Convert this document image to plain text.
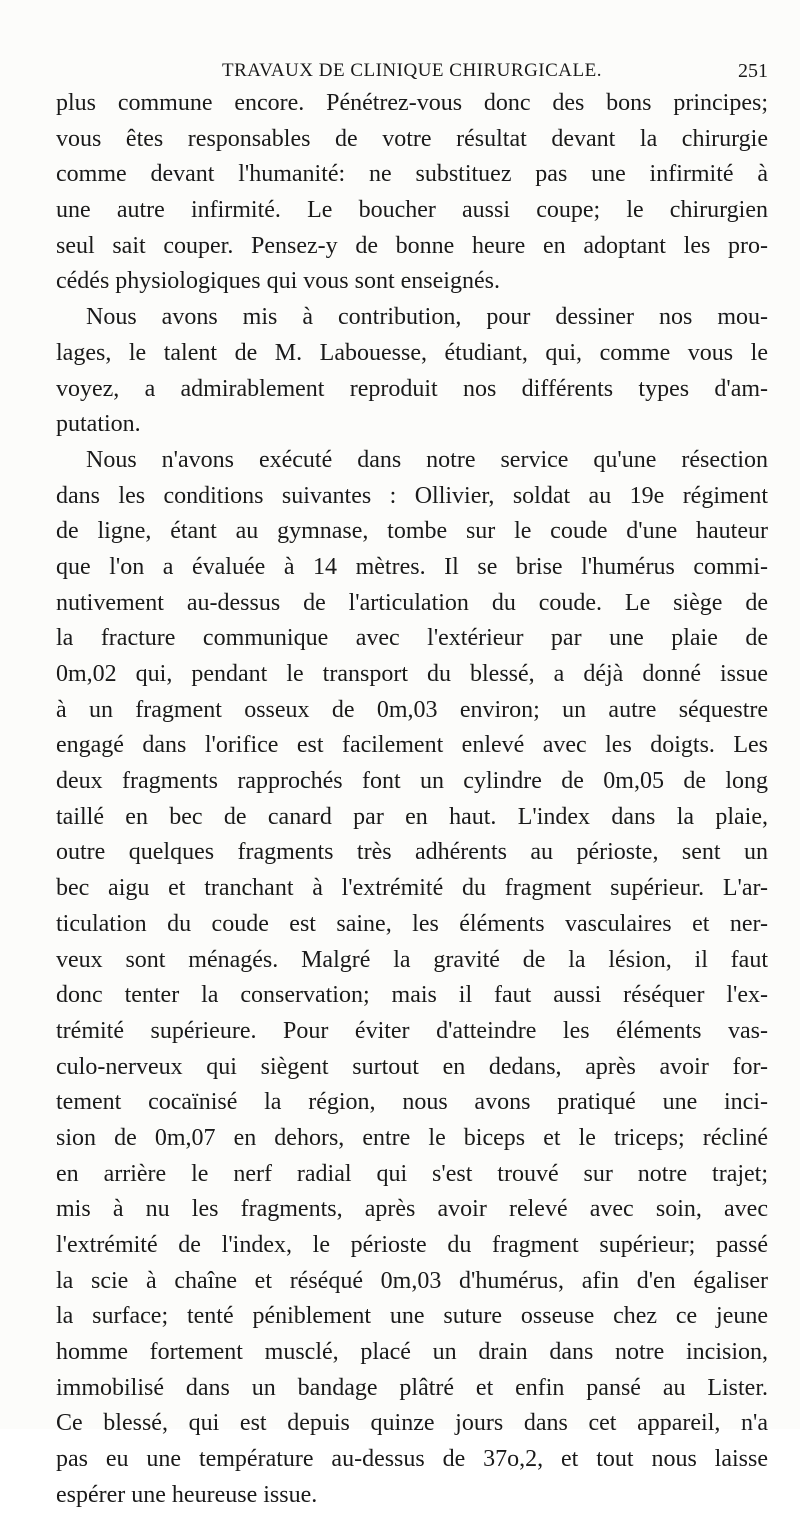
TRAVAUX DE CLINIQUE CHIRURGICALE.	251
plus commune encore. Pénétrez-vous donc des bons principes;
vous êtes responsables de votre résultat devant la chirurgie
comme devant l'humanité: ne substituez pas une infirmité à
une autre infirmité. Le boucher aussi coupe; le chirurgien
seul sait couper. Pensez-y de bonne heure en adoptant les pro-
cédés physiologiques qui vous sont enseignés.
Nous avons mis à contribution, pour dessiner nos mou-
lages, le talent de M. Labouesse, étudiant, qui, comme vous le
voyez, a admirablement reproduit nos différents types d'am-
putation.
Nous n'avons exécuté dans notre service qu'une résection
dans les conditions suivantes : Ollivier, soldat au 19e régiment
de ligne, étant au gymnase, tombe sur le coude d'une hauteur
que l'on a évaluée à 14 mètres. Il se brise l'humérus commi-
nutivement au-dessus de l'articulation du coude. Le siège de
la fracture communique avec l'extérieur par une plaie de
0m,02 qui, pendant le transport du blessé, a déjà donné issue
à un fragment osseux de 0m,03 environ; un autre séquestre
engagé dans l'orifice est facilement enlevé avec les doigts. Les
deux fragments rapprochés font un cylindre de 0m,05 de long
taillé en bec de canard par en haut. L'index dans la plaie,
outre quelques fragments très adhérents au périoste, sent un
bec aigu et tranchant à l'extrémité du fragment supérieur. L'ar-
ticulation du coude est saine, les éléments vasculaires et ner-
veux sont ménagés. Malgré la gravité de la lésion, il faut
donc tenter la conservation; mais il faut aussi réséquer l'ex-
trémité supérieure. Pour éviter d'atteindre les éléments vas-
culo-nerveux qui siègent surtout en dedans, après avoir for-
tement cocaïnisé la région, nous avons pratiqué une inci-
sion de 0m,07 en dehors, entre le biceps et le triceps; récliné
en arrière le nerf radial qui s'est trouvé sur notre trajet;
mis à nu les fragments, après avoir relevé avec soin, avec
l'extrémité de l'index, le périoste du fragment supérieur; passé
la scie à chaîne et réséqué 0m,03 d'humérus, afin d'en égaliser
la surface; tenté péniblement une suture osseuse chez ce jeune
homme fortement musclé, placé un drain dans notre incision,
immobilisé dans un bandage plâtré et enfin pansé au Lister.
Ce blessé, qui est depuis quinze jours dans cet appareil, n'a
pas eu une température au-dessus de 37o,2, et tout nous laisse
espérer une heureuse issue.
